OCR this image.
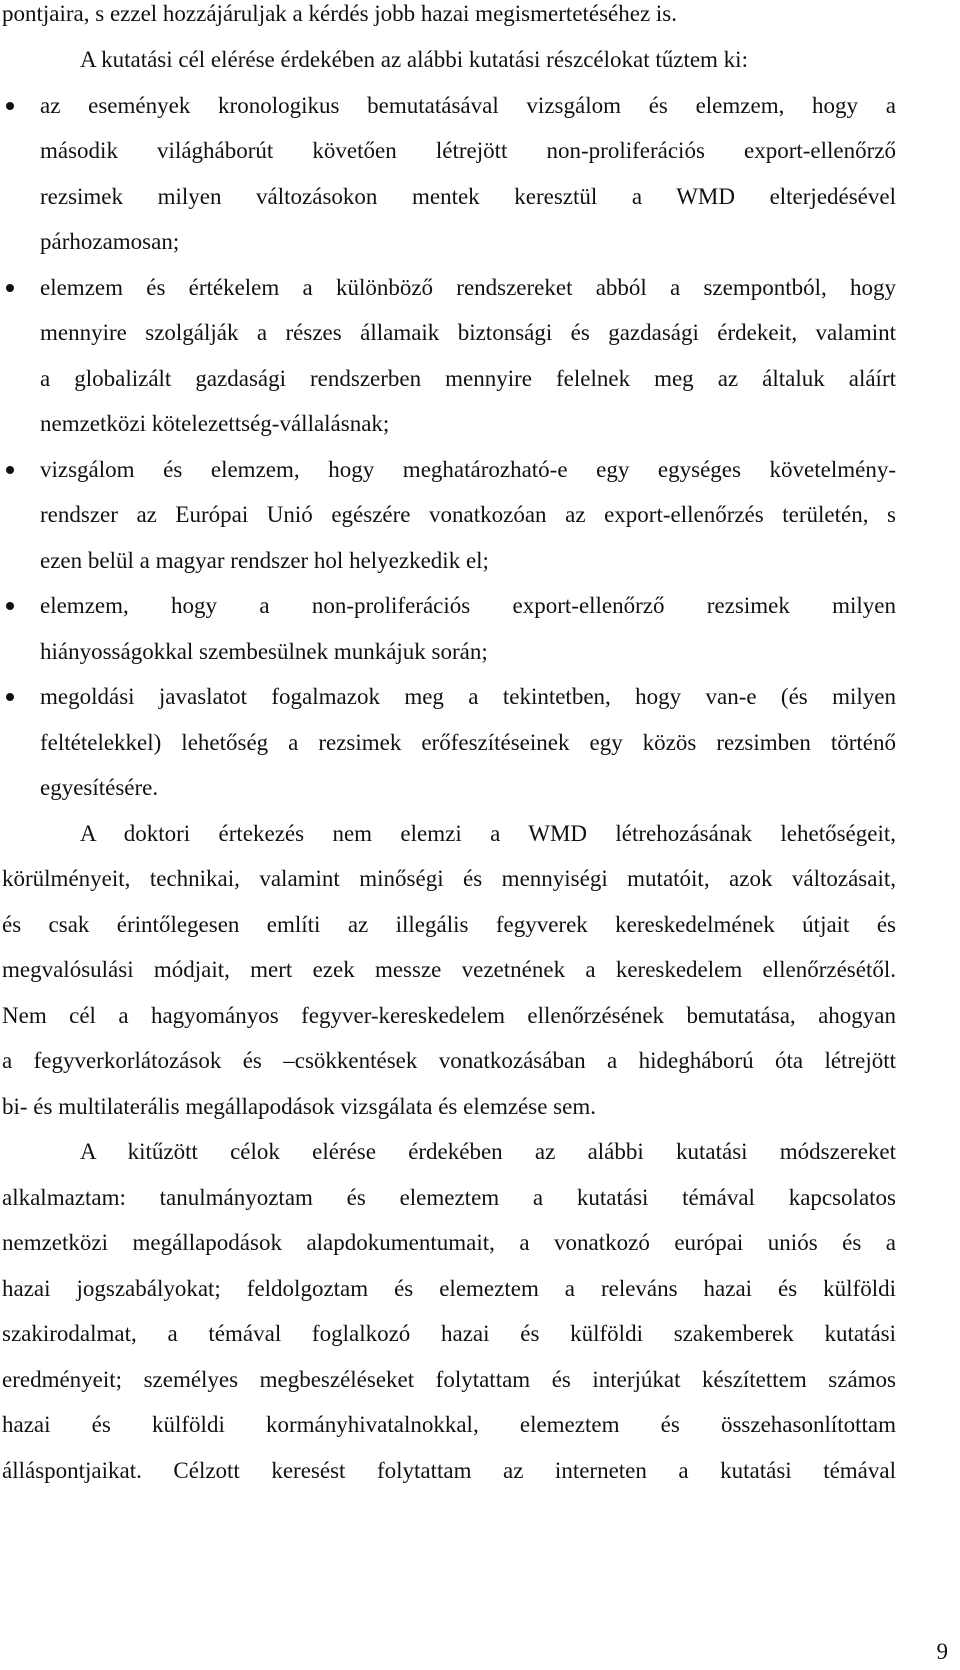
pontjaira, s ezzel hozzájáruljak a kérdés jobb hazai megismertetéséhez is.
A kutatási cél elérése érdekében az alábbi kutatási részcélokat tűztem ki:
az események kronologikus bemutatásával vizsgálom és elemzem, hogy a
második világháborút követően létrejött non-proliferációs export-ellenőrző
rezsimek milyen változásokon mentek keresztül a WMD elterjedésével
párhozamosan;
elemzem és értékelem a különböző rendszereket abból a szempontból, hogy
mennyire szolgálják a részes államaik biztonsági és gazdasági érdekeit, valamint
a globalizált gazdasági rendszerben mennyire felelnek meg az általuk aláírt
nemzetközi kötelezettség-vállalásnak;
vizsgálom és elemzem, hogy meghatározható-e egy egységes követelmény-
rendszer az Európai Unió egészére vonatkozóan az export-ellenőrzés területén, s
ezen belül a magyar rendszer hol helyezkedik el;
elemzem, hogy a non-proliferációs export-ellenőrző rezsimek milyen
hiányosságokkal szembesülnek munkájuk során;
megoldási javaslatot fogalmazok meg a tekintetben, hogy van-e (és milyen
feltételekkel) lehetőség a rezsimek erőfeszítéseinek egy közös rezsimben történő
egyesítésére.
A doktori értekezés nem elemzi a WMD létrehozásának lehetőségeit,
körülményeit, technikai, valamint minőségi és mennyiségi mutatóit, azok változásait,
és csak érintőlegesen említi az illegális fegyverek kereskedelmének útjait és
megvalósulási módjait, mert ezek messze vezetnének a kereskedelem ellenőrzésétől.
Nem cél a hagyományos fegyver-kereskedelem ellenőrzésének bemutatása, ahogyan
a fegyverkorlátozások és –csökkentések vonatkozásában a hidegháború óta létrejött
bi- és multilaterális megállapodások vizsgálata és elemzése sem.
A kitűzött célok elérése érdekében az alábbi kutatási módszereket
alkalmaztam: tanulmányoztam és elemeztem a kutatási témával kapcsolatos
nemzetközi megállapodások alapdokumentumait, a vonatkozó európai uniós és a
hazai jogszabályokat; feldolgoztam és elemeztem a releváns hazai és külföldi
szakirodalmat, a témával foglalkozó hazai és külföldi szakemberek kutatási
eredményeit; személyes megbeszéléseket folytattam és interjúkat készítettem számos
hazai és külföldi kormányhivatalnokkal, elemeztem és összehasonlítottam
álláspontjaikat. Célzott keresést folytattam az interneten a kutatási témával
9
